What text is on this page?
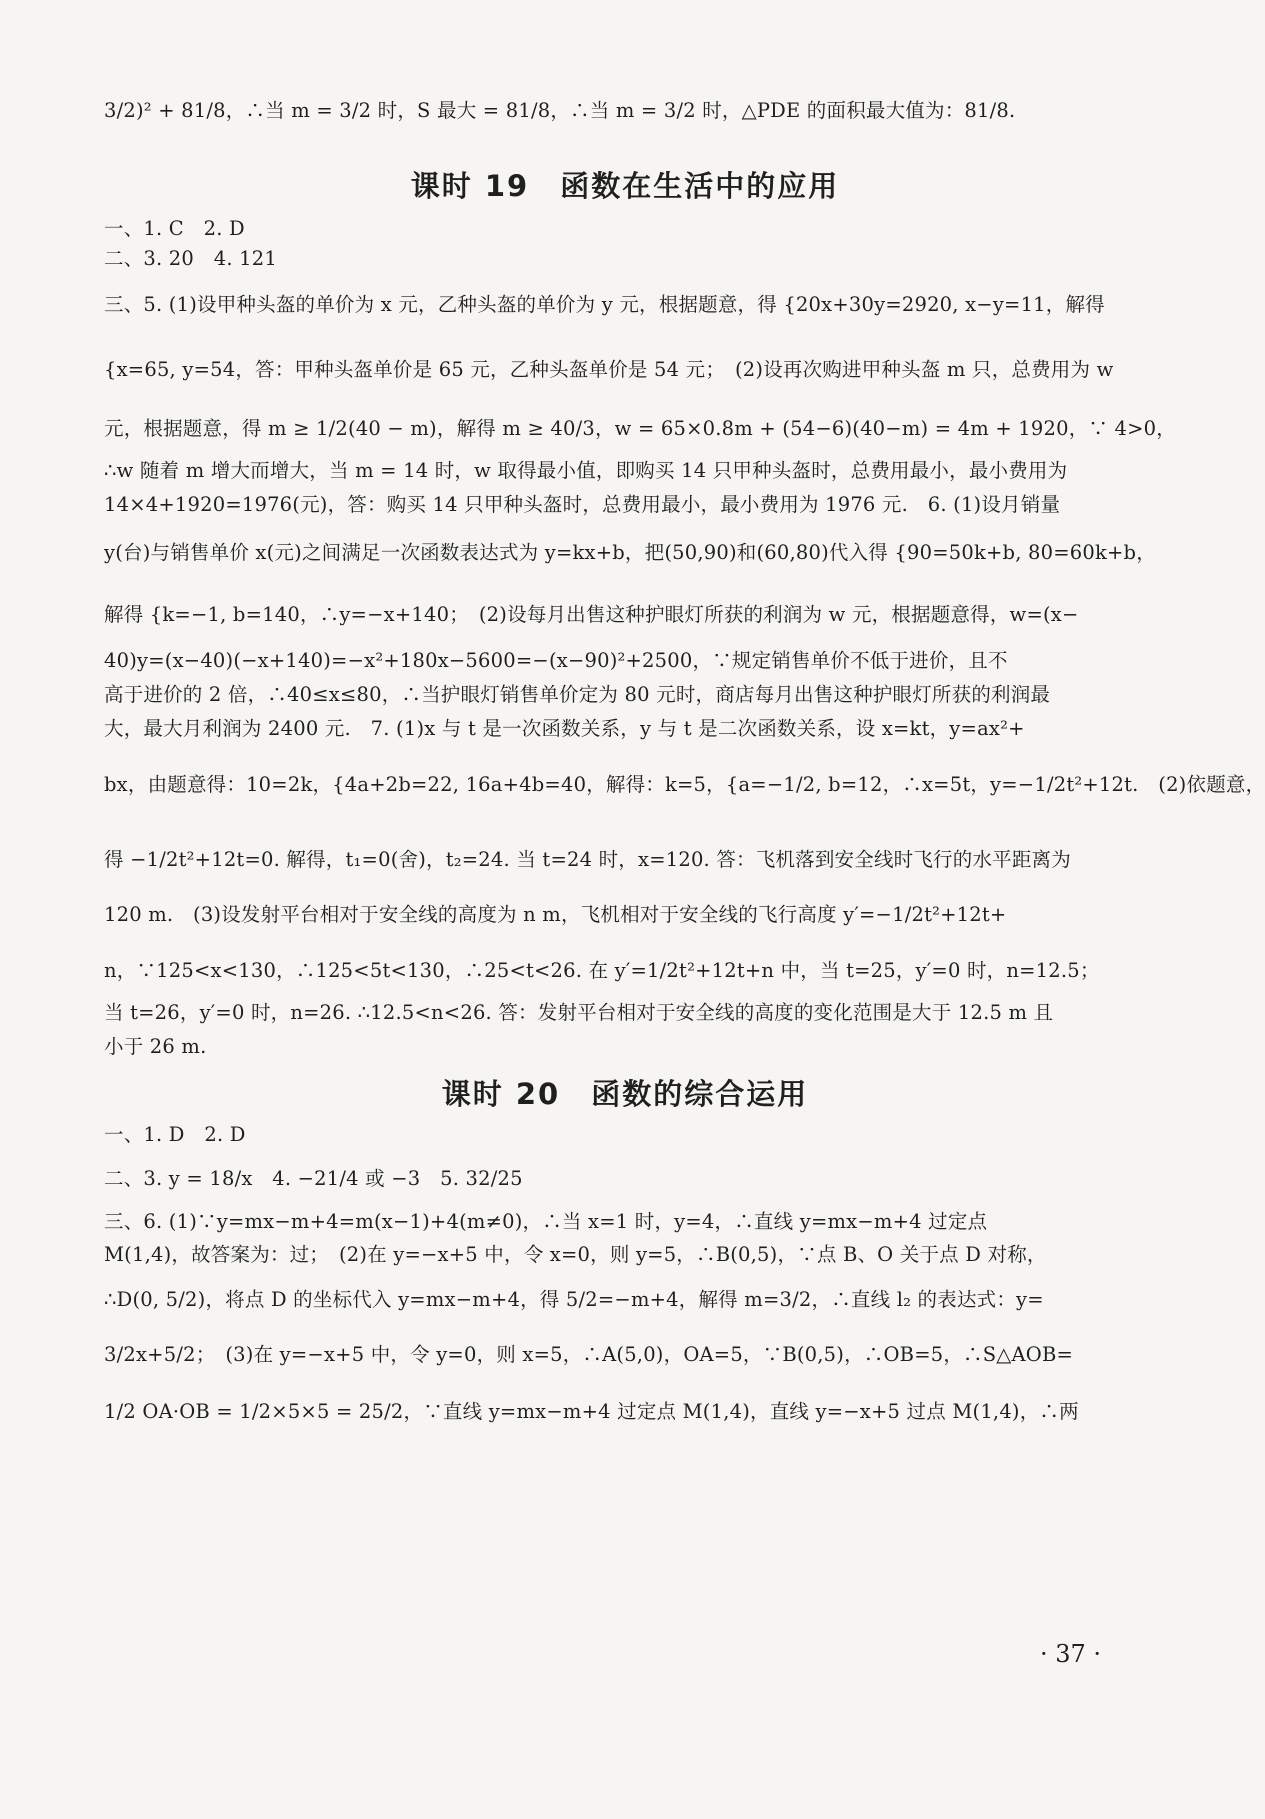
3/2)² + 81/8，∴当 m = 3/2 时，S 最大 = 81/8，∴当 m = 3/2 时，△PDE 的面积最大值为：81/8.
课时 19　函数在生活中的应用
一、1. C　2. D
二、3. 20　4. 121
三、5. (1)设甲种头盔的单价为 x 元，乙种头盔的单价为 y 元，根据题意，得 {20x+30y=2920, x−y=11，解得
{x=65, y=54，答：甲种头盔单价是 65 元，乙种头盔单价是 54 元；　(2)设再次购进甲种头盔 m 只，总费用为 w
元，根据题意，得 m ≥ 1/2(40 − m)，解得 m ≥ 40/3，w = 65×0.8m + (54−6)(40−m) = 4m + 1920，∵ 4>0，
∴w 随着 m 增大而增大，当 m = 14 时，w 取得最小值，即购买 14 只甲种头盔时，总费用最小，最小费用为
14×4+1920=1976(元)，答：购买 14 只甲种头盔时，总费用最小，最小费用为 1976 元.　6. (1)设月销量
y(台)与销售单价 x(元)之间满足一次函数表达式为 y=kx+b，把(50,90)和(60,80)代入得 {90=50k+b, 80=60k+b，
解得 {k=−1, b=140，∴y=−x+140；　(2)设每月出售这种护眼灯所获的利润为 w 元，根据题意得，w=(x−
40)y=(x−40)(−x+140)=−x²+180x−5600=−(x−90)²+2500，∵规定销售单价不低于进价，且不
高于进价的 2 倍，∴40≤x≤80，∴当护眼灯销售单价定为 80 元时，商店每月出售这种护眼灯所获的利润最
大，最大月利润为 2400 元.　7. (1)x 与 t 是一次函数关系，y 与 t 是二次函数关系，设 x=kt，y=ax²+
bx，由题意得：10=2k，{4a+2b=22, 16a+4b=40，解得：k=5，{a=−1/2, b=12，∴x=5t，y=−1/2t²+12t.　(2)依题意，
得 −1/2t²+12t=0. 解得，t₁=0(舍)，t₂=24. 当 t=24 时，x=120. 答：飞机落到安全线时飞行的水平距离为
120 m.　(3)设发射平台相对于安全线的高度为 n m，飞机相对于安全线的飞行高度 y′=−1/2t²+12t+
n，∵125<x<130，∴125<5t<130，∴25<t<26. 在 y′=1/2t²+12t+n 中，当 t=25，y′=0 时，n=12.5；
当 t=26，y′=0 时，n=26. ∴12.5<n<26. 答：发射平台相对于安全线的高度的变化范围是大于 12.5 m 且
小于 26 m.
课时 20　函数的综合运用
一、1. D　2. D
二、3. y = 18/x　4. −21/4 或 −3　5. 32/25
三、6. (1)∵y=mx−m+4=m(x−1)+4(m≠0)，∴当 x=1 时，y=4，∴直线 y=mx−m+4 过定点
M(1,4)，故答案为：过；　(2)在 y=−x+5 中，令 x=0，则 y=5，∴B(0,5)，∵点 B、O 关于点 D 对称，
∴D(0, 5/2)，将点 D 的坐标代入 y=mx−m+4，得 5/2=−m+4，解得 m=3/2，∴直线 l₂ 的表达式：y=
3/2x+5/2；　(3)在 y=−x+5 中，令 y=0，则 x=5，∴A(5,0)，OA=5，∵B(0,5)，∴OB=5，∴S△AOB=
1/2 OA·OB = 1/2×5×5 = 25/2，∵直线 y=mx−m+4 过定点 M(1,4)，直线 y=−x+5 过点 M(1,4)，∴两
· 37 ·
